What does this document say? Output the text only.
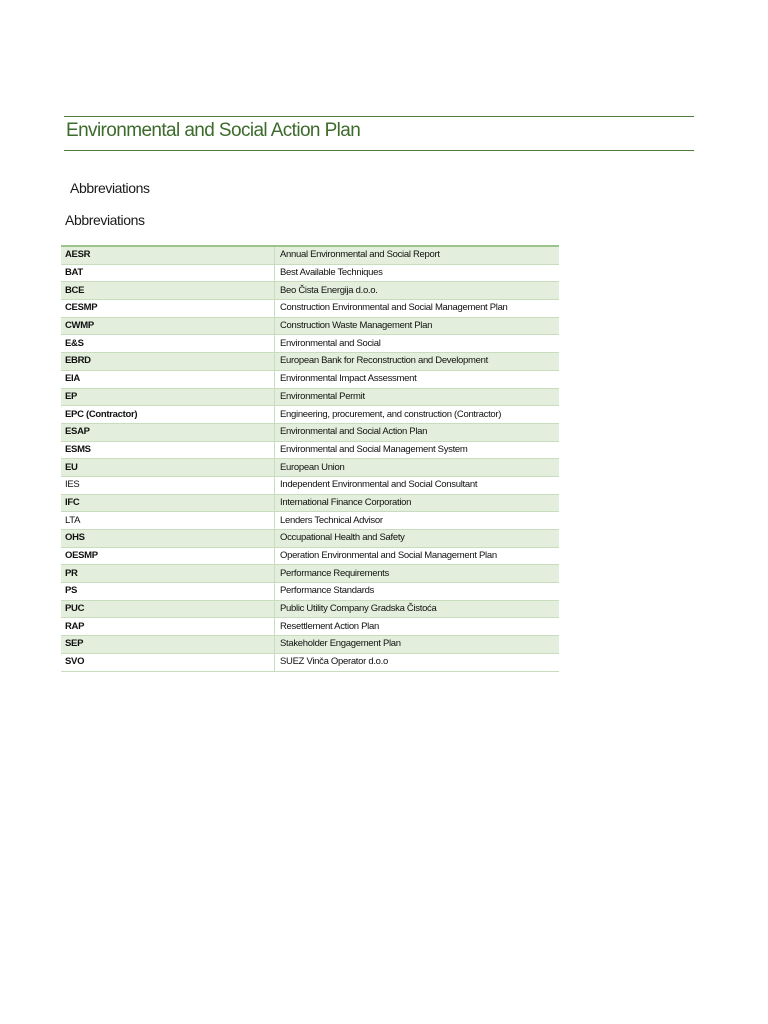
Environmental and Social Action Plan
Abbreviations
Abbreviations
AESR	Annual Environmental and Social Report
BAT	Best Available Techniques
BCE	Beo Čista Energija d.o.o.
CESMP	Construction Environmental and Social Management Plan
CWMP	Construction Waste Management Plan
E&S	Environmental and Social
EBRD	European Bank for Reconstruction and Development
EIA	Environmental Impact Assessment
EP	Environmental Permit
EPC (Contractor)	Engineering, procurement, and construction (Contractor)
ESAP	Environmental and Social Action Plan
ESMS	Environmental and Social Management System
EU	European Union
IES	Independent Environmental and Social Consultant
IFC	International Finance Corporation
LTA	Lenders Technical Advisor
OHS	Occupational Health and Safety
OESMP	Operation Environmental and Social Management Plan
PR	Performance Requirements
PS	Performance Standards
PUC	Public Utility Company Gradska Čistoća
RAP	Resettlement Action Plan
SEP	Stakeholder Engagement Plan
SVO	SUEZ Vinča Operator d.o.o
